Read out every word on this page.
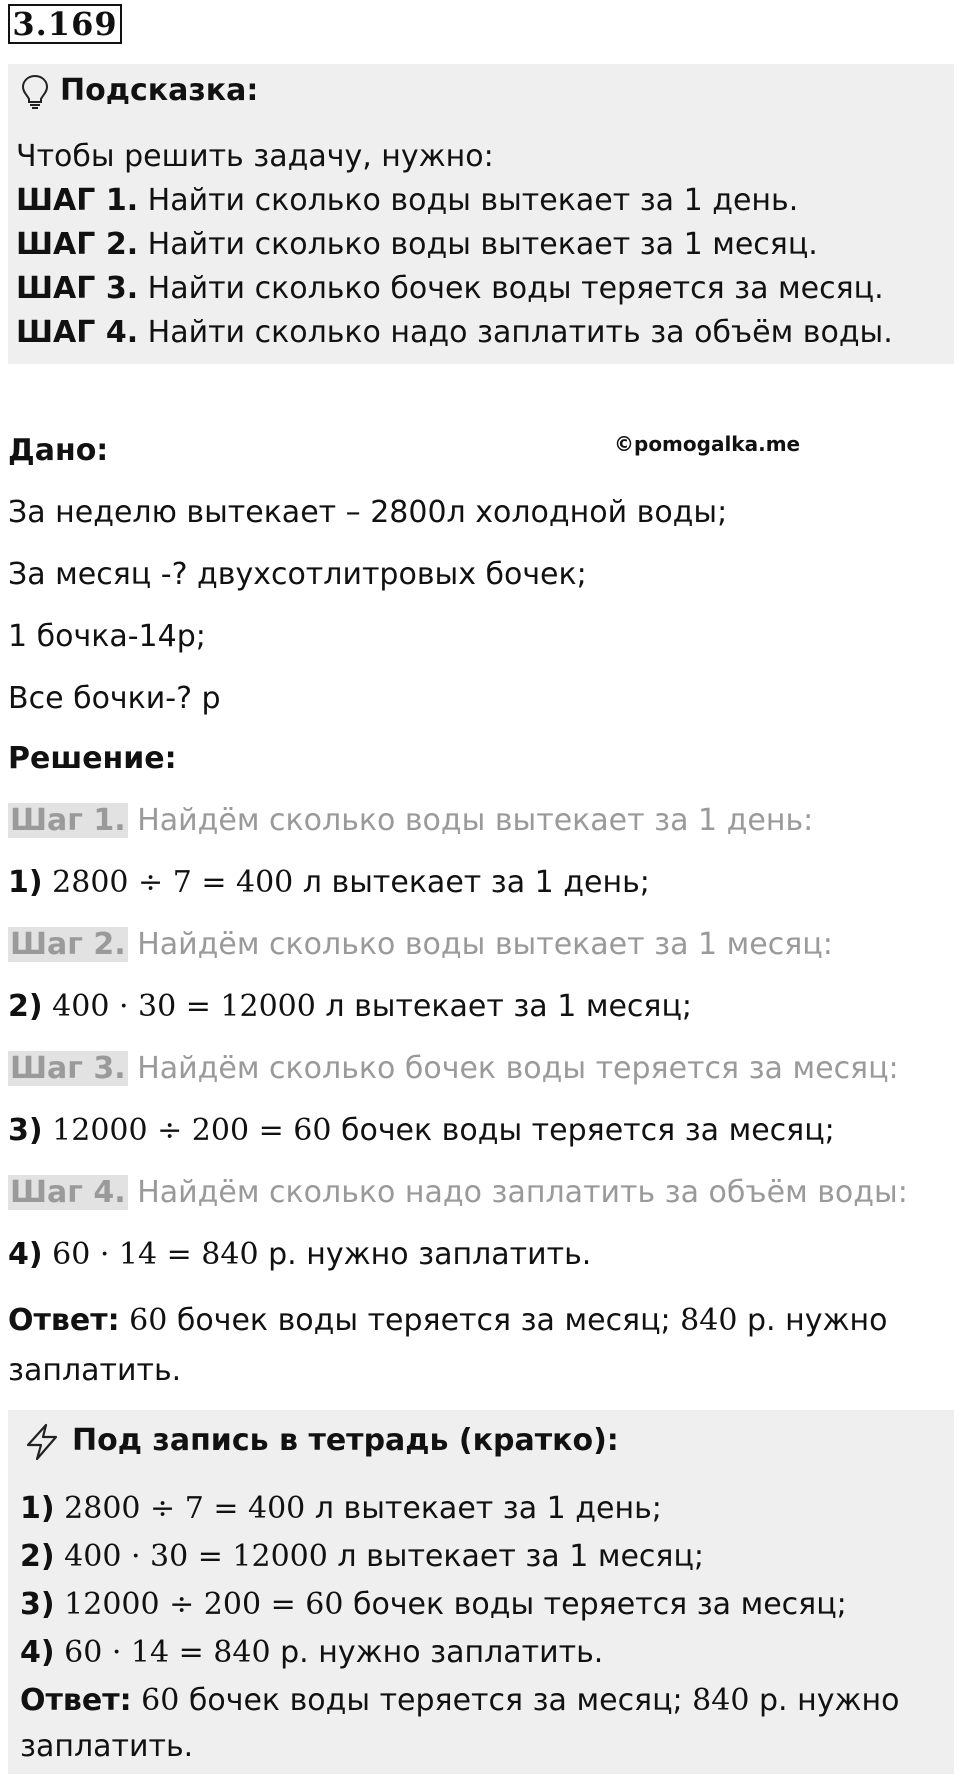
3.169
Подсказка:
Чтобы решить задачу, нужно:
ШАГ 1. Найти сколько воды вытекает за 1 день.
ШАГ 2. Найти сколько воды вытекает за 1 месяц.
ШАГ 3. Найти сколько бочек воды теряется за месяц.
ШАГ 4. Найти сколько надо заплатить за объём воды.
Дано:	©pomogalka.me
За неделю вытекает – 2800л холодной воды;
За месяц -? двухсотлитровых бочек;
1 бочка-14р;
Все бочки-? р
Решение:
Шаг 1. Найдём сколько воды вытекает за 1 день:
1) 2800 ÷ 7 = 400 л вытекает за 1 день;
Шаг 2. Найдём сколько воды вытекает за 1 месяц:
2) 400 · 30 = 12000 л вытекает за 1 месяц;
Шаг 3. Найдём сколько бочек воды теряется за месяц:
3) 12000 ÷ 200 = 60 бочек воды теряется за месяц;
Шаг 4. Найдём сколько надо заплатить за объём воды:
4) 60 · 14 = 840 р. нужно заплатить.
Ответ: 60 бочек воды теряется за месяц; 840 р. нужно
заплатить.
Под запись в тетрадь (кратко):
1) 2800 ÷ 7 = 400 л вытекает за 1 день;
2) 400 · 30 = 12000 л вытекает за 1 месяц;
3) 12000 ÷ 200 = 60 бочек воды теряется за месяц;
4) 60 · 14 = 840 р. нужно заплатить.
Ответ: 60 бочек воды теряется за месяц; 840 р. нужно
заплатить.
